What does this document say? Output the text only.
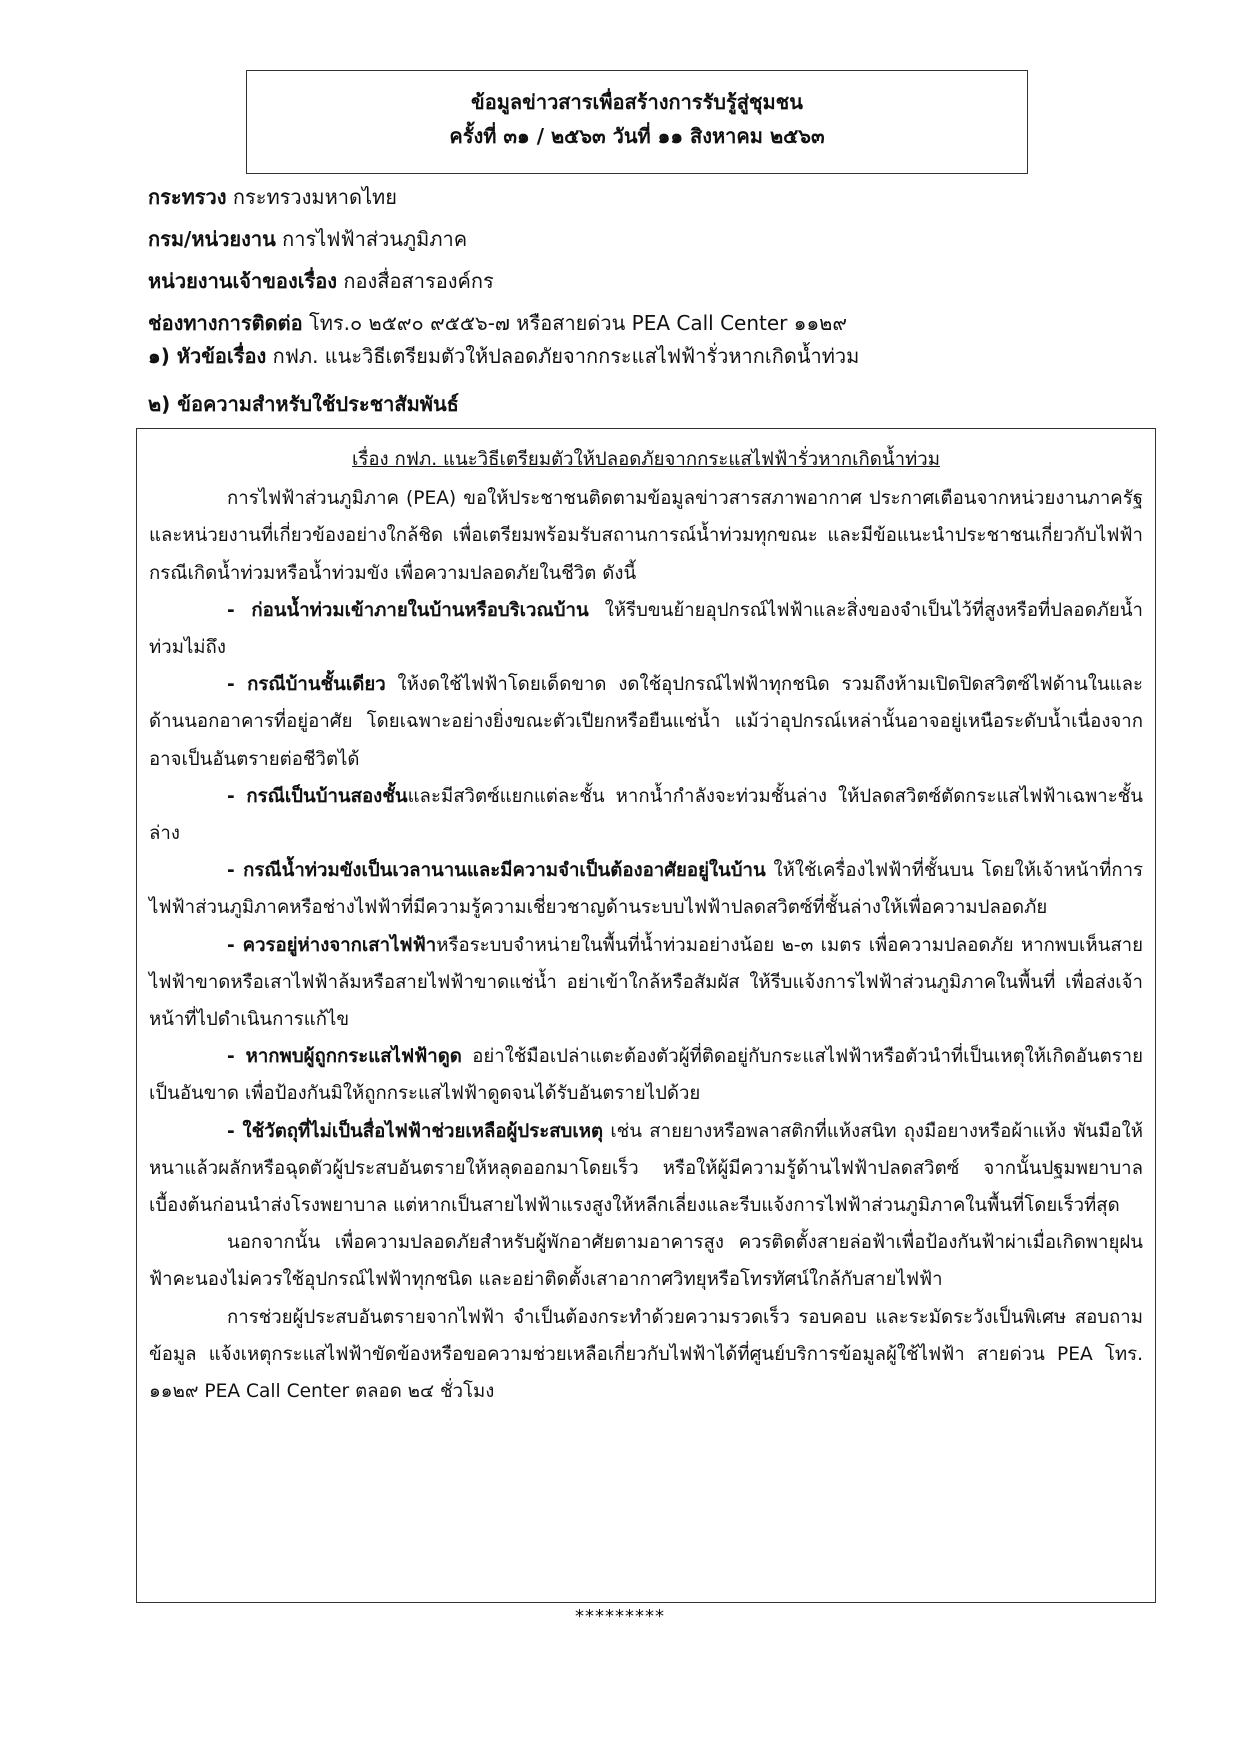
ข้อมูลข่าวสารเพื่อสร้างการรับรู้สู่ชุมชน
ครั้งที่ ๓๑ / ๒๕๖๓ วันที่ ๑๑ สิงหาคม ๒๕๖๓
กระทรวง กระทรวงมหาดไทย
กรม/หน่วยงาน การไฟฟ้าส่วนภูมิภาค
หน่วยงานเจ้าของเรื่อง กองสื่อสารองค์กร
ช่องทางการติดต่อ โทร.๐ ๒๕๙๐ ๙๕๕๖-๗ หรือสายด่วน PEA Call Center ๑๑๒๙
๑) หัวข้อเรื่อง กฟภ. แนะวิธีเตรียมตัวให้ปลอดภัยจากกระแสไฟฟ้ารั่วหากเกิดน้ำท่วม
๒) ข้อความสำหรับใช้ประชาสัมพันธ์
เรื่อง กฟภ. แนะวิธีเตรียมตัวให้ปลอดภัยจากกระแสไฟฟ้ารั่วหากเกิดน้ำท่วม

การไฟฟ้าส่วนภูมิภาค (PEA) ขอให้ประชาชนติดตามข้อมูลข่าวสารสภาพอากาศ ประกาศเตือนจากหน่วยงานภาครัฐและหน่วยงานที่เกี่ยวข้องอย่างใกล้ชิด เพื่อเตรียมพร้อมรับสถานการณ์น้ำท่วมทุกขณะ และมีข้อแนะนำประชาชนเกี่ยวกับไฟฟ้า กรณีเกิดน้ำท่วมหรือน้ำท่วมขัง เพื่อความปลอดภัยในชีวิต ดังนี้

- ก่อนน้ำท่วมเข้าภายในบ้านหรือบริเวณบ้าน ให้รีบขนย้ายอุปกรณ์ไฟฟ้าและสิ่งของจำเป็นไว้ที่สูงหรือที่ปลอดภัยน้ำท่วมไม่ถึง

- กรณีบ้านชั้นเดียว ให้งดใช้ไฟฟ้าโดยเด็ดขาด งดใช้อุปกรณ์ไฟฟ้าทุกชนิด รวมถึงห้ามเปิดปิดสวิตซ์ไฟด้านในและด้านนอกอาคารที่อยู่อาศัย โดยเฉพาะอย่างยิ่งขณะตัวเปียกหรือยืนแช่น้ำ แม้ว่าอุปกรณ์เหล่านั้นอาจอยู่เหนือระดับน้ำเนื่องจากอาจเป็นอันตรายต่อชีวิตได้

- กรณีเป็นบ้านสองชั้นและมีสวิตซ์แยกแต่ละชั้น หากน้ำกำลังจะท่วมชั้นล่าง ให้ปลดสวิตซ์ตัดกระแสไฟฟ้าเฉพาะชั้นล่าง

- กรณีน้ำท่วมขังเป็นเวลานานและมีความจำเป็นต้องอาศัยอยู่ในบ้าน ให้ใช้เครื่องไฟฟ้าที่ชั้นบน โดยให้เจ้าหน้าที่การไฟฟ้าส่วนภูมิภาคหรือช่างไฟฟ้าที่มีความรู้ความเชี่ยวชาญด้านระบบไฟฟ้าปลดสวิตซ์ที่ชั้นล่างให้เพื่อความปลอดภัย

- ควรอยู่ห่างจากเสาไฟฟ้าหรือระบบจำหน่ายในพื้นที่น้ำท่วมอย่างน้อย ๒-๓ เมตร เพื่อความปลอดภัย หากพบเห็นสายไฟฟ้าขาดหรือเสาไฟฟ้าล้มหรือสายไฟฟ้าขาดแช่น้ำ อย่าเข้าใกล้หรือสัมผัส ให้รีบแจ้งการไฟฟ้าส่วนภูมิภาคในพื้นที่ เพื่อส่งเจ้าหน้าที่ไปดำเนินการแก้ไข

- หากพบผู้ถูกกระแสไฟฟ้าดูด อย่าใช้มือเปล่าแตะต้องตัวผู้ที่ติดอยู่กับกระแสไฟฟ้าหรือตัวนำที่เป็นเหตุให้เกิดอันตรายเป็นอันขาด เพื่อป้องกันมิให้ถูกกระแสไฟฟ้าดูดจนได้รับอันตรายไปด้วย

- ใช้วัตถุที่ไม่เป็นสื่อไฟฟ้าช่วยเหลือผู้ประสบเหตุ เช่น สายยางหรือพลาสติกที่แห้งสนิท ถุงมือยางหรือผ้าแห้ง พันมือให้หนาแล้วผลักหรือฉุดตัวผู้ประสบอันตรายให้หลุดออกมาโดยเร็ว หรือให้ผู้มีความรู้ด้านไฟฟ้าปลดสวิตซ์ จากนั้นปฐมพยาบาลเบื้องต้นก่อนนำส่งโรงพยาบาล แต่หากเป็นสายไฟฟ้าแรงสูงให้หลีกเลี่ยงและรีบแจ้งการไฟฟ้าส่วนภูมิภาคในพื้นที่โดยเร็วที่สุด

นอกจากนั้น เพื่อความปลอดภัยสำหรับผู้พักอาศัยตามอาคารสูง ควรติดตั้งสายล่อฟ้าเพื่อป้องกันฟ้าผ่าเมื่อเกิดพายุฝนฟ้าคะนองไม่ควรใช้อุปกรณ์ไฟฟ้าทุกชนิด และอย่าติดตั้งเสาอากาศวิทยุหรือโทรทัศน์ใกล้กับสายไฟฟ้า

การช่วยผู้ประสบอันตรายจากไฟฟ้า จำเป็นต้องกระทำด้วยความรวดเร็ว รอบคอบ และระมัดระวังเป็นพิเศษ สอบถามข้อมูล แจ้งเหตุกระแสไฟฟ้าขัดข้องหรือขอความช่วยเหลือเกี่ยวกับไฟฟ้าได้ที่ศูนย์บริการข้อมูลผู้ใช้ไฟฟ้า สายด่วน PEA โทร. ๑๑๒๙ PEA Call Center ตลอด ๒๔ ชั่วโมง

*********
